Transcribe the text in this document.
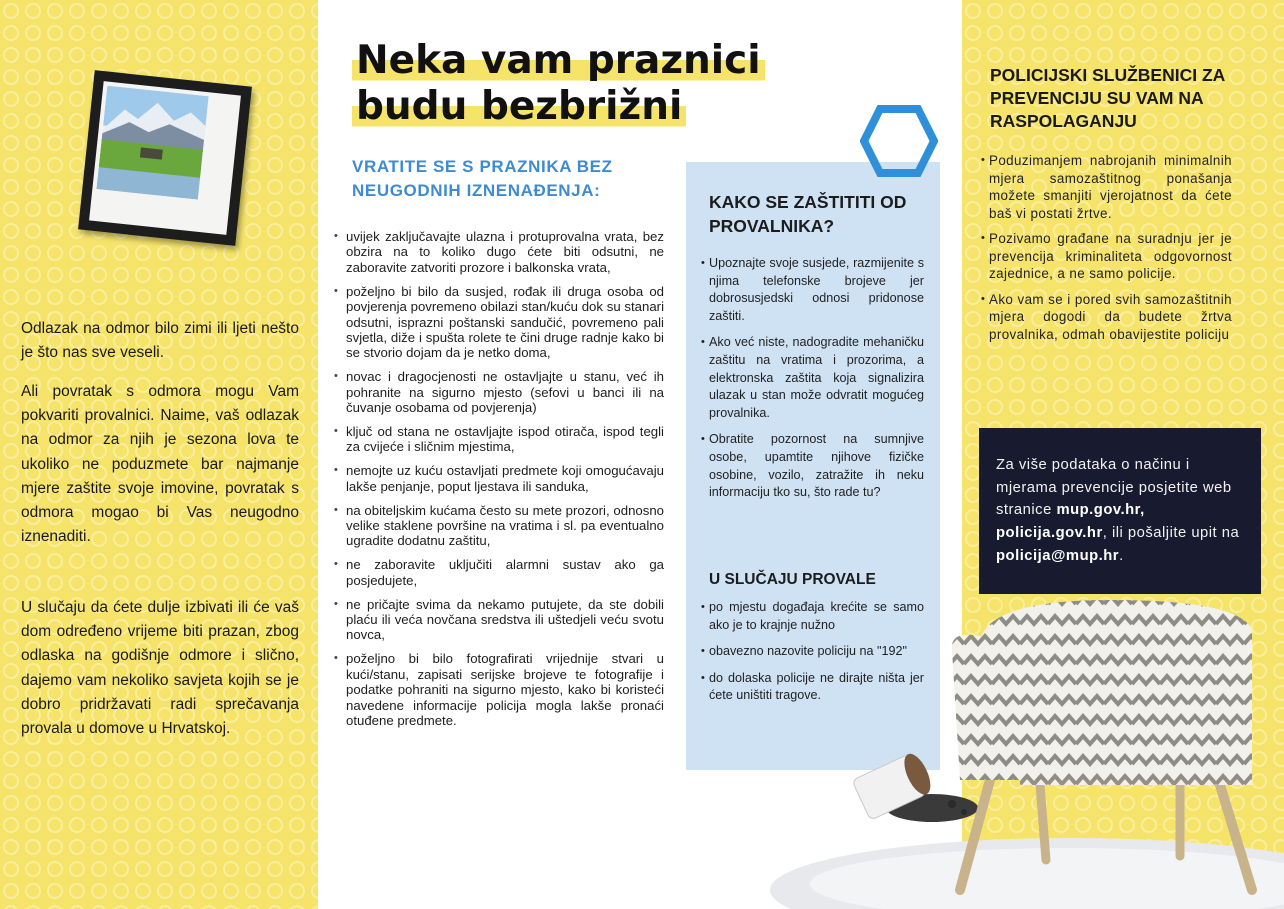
Odlazak na odmor bilo zimi ili ljeti nešto je što nas sve veseli.

Ali povratak s odmora mogu Vam pokvariti provalnici. Naime, vaš odlazak na odmor za njih je sezona lova te ukoliko ne poduzmete bar najmanje mjere zaštite svoje imovine, povratak s odmora mogao bi Vas neugodno iznenaditi.

U slučaju da ćete dulje izbivati ili će vaš dom određeno vrijeme biti prazan, zbog odlaska na godišnje odmore i slično, dajemo vam nekoliko savjeta kojih se je dobro pridržavati radi sprečavanja provala u domove u Hrvatskoj.

Neka vam praznici
budu bezbrižni
VRATITE SE S PRAZNIKA BEZ NEUGODNIH IZNENAĐENJA:
• uvijek zaključavajte ulazna i protuprovalna vrata, bez obzira na to koliko dugo ćete biti odsutni, ne zaboravite zatvoriti prozore i balkonska vrata,
• poželjno bi bilo da susjed, rođak ili druga osoba od povjerenja povremeno obilazi stan/kuću dok su stanari odsutni, isprazni poštanski sandučić, povremeno pali svjetla, diže i spušta rolete te čini druge radnje kako bi se stvorio dojam da je netko doma,
• novac i dragocjenosti ne ostavljajte u stanu, već ih pohranite na sigurno mjesto (sefovi u banci ili na čuvanje osobama od povjerenja)
• ključ od stana ne ostavljajte ispod otirača, ispod tegli za cvijeće i sličnim mjestima,
• nemojte uz kuću ostavljati predmete koji omogućavaju lakše penjanje, poput ljestava ili sanduka,
• na obiteljskim kućama često su mete prozori, odnosno velike staklene površine na vratima i sl. pa eventualno ugradite dodatnu zaštitu,
• ne zaboravite uključiti alarmni sustav ako ga posjedujete,
• ne pričajte svima da nekamo putujete, da ste dobili plaću ili veća novčana sredstva ili uštedjeli veću svotu novca,
• poželjno bi bilo fotografirati vrijednije stvari u kući/stanu, zapisati serijske brojeve te fotografije i podatke pohraniti na sigurno mjesto, kako bi koristeći navedene informacije policija mogla lakše pronaći otuđene predmete.
KAKO SE ZAŠTITITI OD PROVALNIKA?
• Upoznajte svoje susjede, razmijenite s njima telefonske brojeve jer dobrosusjedski odnosi pridonose zaštiti.
• Ako već niste, nadogradite mehaničku zaštitu na vratima i prozorima, a elektronska zaštita koja signalizira ulazak u stan može odvratit mogućeg provalnika.
• Obratite pozornost na sumnjive osobe, upamtite njihove fizičke osobine, vozilo, zatražite ih neku informaciju tko su, što rade tu?
U SLUČAJU PROVALE
• po mjestu događaja krećite se samo ako je to krajnje nužno
• obavezno nazovite policiju na "192"
• do dolaska policije ne dirajte ništa jer ćete uništiti tragove.
POLICIJSKI SLUŽBENICI ZA PREVENCIJU SU VAM NA RASPOLAGANJU
• Poduzimanjem nabrojanih minimalnih mjera samozaštitnog ponašanja možete smanjiti vjerojatnost da ćete baš vi postati žrtve.
• Pozivamo građane na suradnju jer je prevencija kriminaliteta odgovornost zajednice, a ne samo policije.
• Ako vam se i pored svih samozaštitnih mjera dogodi da budete žrtva provalnika, odmah obavijestite policiju
Za više podataka o načinu i mjerama prevencije posjetite web stranice mup.gov.hr, policija.gov.hr, ili pošaljite upit na policija@mup.hr.
